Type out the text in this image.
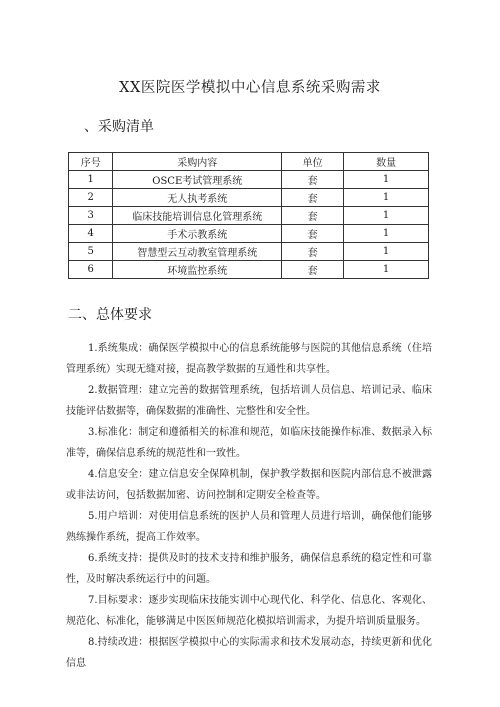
XX医院医学模拟中心信息系统采购需求
、采购清单
序号	采购内容	单位	数量
1	OSCE考试管理系统	套	1
2	无人执考系统	套	1
3	临床技能培训信息化管理系统	套	1
4	手术示教系统	套	1
5	智慧型云互动教室管理系统	套	1
6	环境监控系统	套	1
二、总体要求

1.系统集成：确保医学模拟中心的信息系统能够与医院的其他信息系统（住培管理系统）实现无缝对接，提高教学数据的互通性和共享性。

2.数据管理：建立完善的数据管理系统，包括培训人员信息、培训记录、临床技能评估数据等，确保数据的准确性、完整性和安全性。

3.标准化：制定和遵循相关的标准和规范，如临床技能操作标准、数据录入标准等，确保信息系统的规范性和一致性。

4.信息安全：建立信息安全保障机制，保护教学数据和医院内部信息不被泄露或非法访问，包括数据加密、访问控制和定期安全检查等。

5.用户培训：对使用信息系统的医护人员和管理人员进行培训，确保他们能够熟练操作系统，提高工作效率。

6.系统支持：提供及时的技术支持和维护服务，确保信息系统的稳定性和可靠性，及时解决系统运行中的问题。

7.目标要求：逐步实现临床技能实训中心现代化、科学化、信息化、客观化、规范化、标准化，能够满足中医医师规范化模拟培训需求，为提升培训质量服务。

8.持续改进：根据医学模拟中心的实际需求和技术发展动态，持续更新和优化信息
